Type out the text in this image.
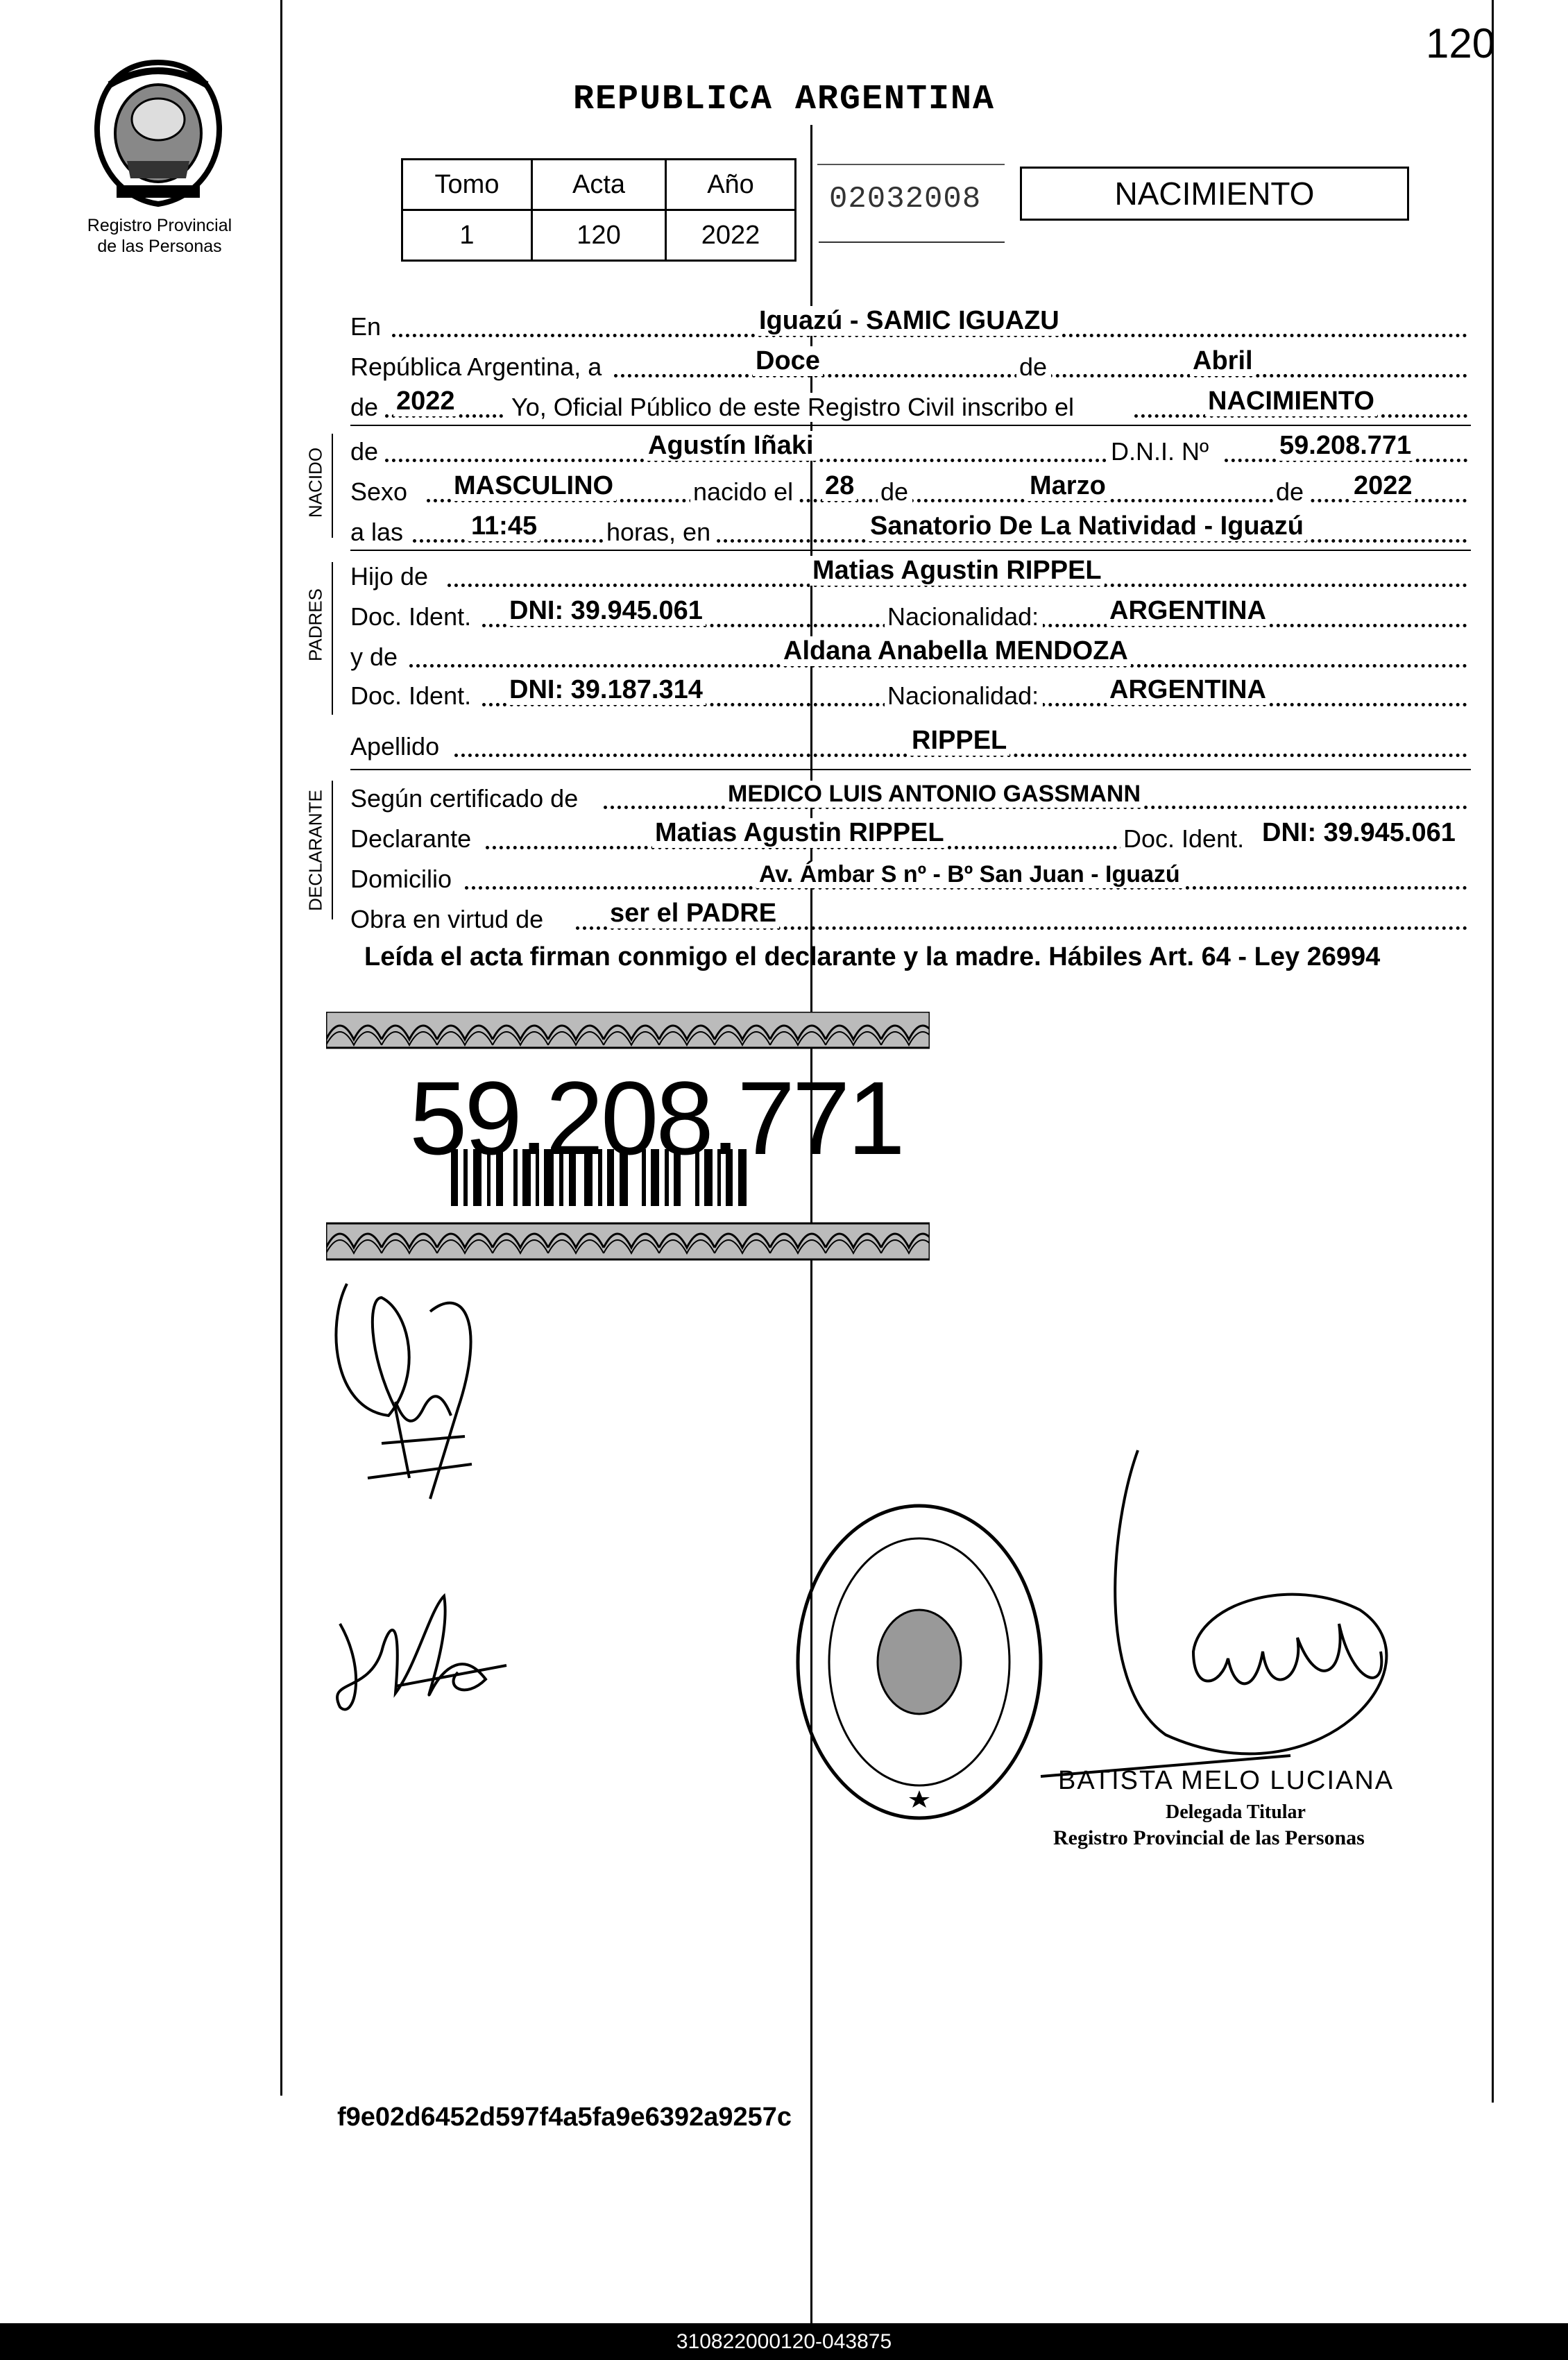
120
Registro Provincial
de las Personas
REPUBLICA ARGENTINA
Tomo	Acta	Año
1	120	2022
02032008	NACIMIENTO
En	Iguazú - SAMIC IGUAZU
República Argentina, a	Doce	de	Abril
de 2022 Yo, Oficial Público de este Registro Civil inscribo el	NACIMIENTO
de	Agustín Iñaki	D.N.I. Nº	59.208.771
Sexo MASCULINO	nacido el 28 de	Marzo	de 2022
a las	11:45	horas, en	Sanatorio De La Natividad - Iguazú
Hijo de	Matias Agustin RIPPEL
Doc. Ident. DNI: 39.945.061	Nacionalidad:	ARGENTINA
y de	Aldana Anabella MENDOZA
Doc. Ident. DNI: 39.187.314	Nacionalidad:	ARGENTINA
Apellido	RIPPEL
Según certificado de	MEDICO LUIS ANTONIO GASSMANN
Declarante	Matias Agustin RIPPEL	Doc. Ident. DNI: 39.945.061
Domicilio	Av. Ámbar S nº - Bº San Juan - Iguazú
Obra en virtud de	ser el PADRE
NACIDO
PADRES
DECLARANTE
Leída el acta firman conmigo el declarante y la madre. Hábiles Art. 64 - Ley 26994
59.208.771
BATISTA MELO LUCIANA
Delegada Titular
Registro Provincial de las Personas
f9e02d6452d597f4a5fa9e6392a9257c
310822000120-043875
